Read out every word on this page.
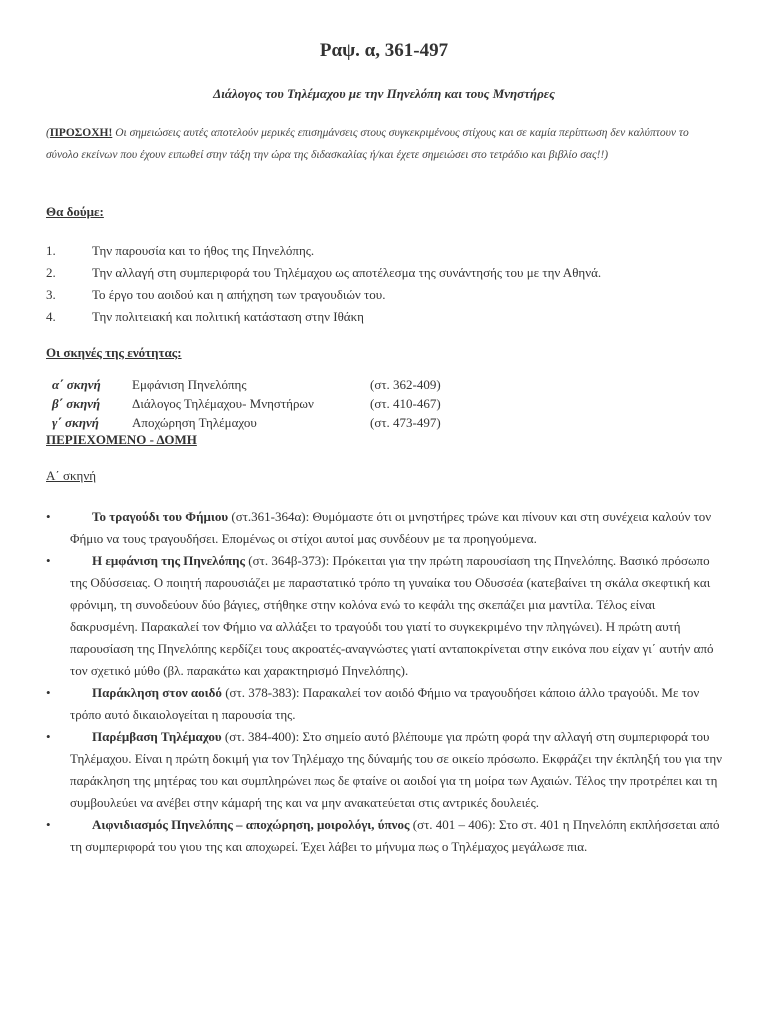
Ραψ. α, 361-497
Διάλογος του Τηλέμαχου με την Πηνελόπη και τους Μνηστήρες
(ΠΡΟΣΟΧΗ! Οι σημειώσεις αυτές αποτελούν μερικές επισημάνσεις στους συγκεκριμένους στίχους και σε καμία περίπτωση δεν καλύπτουν το σύνολο εκείνων που έχουν ειπωθεί στην τάξη την ώρα της διδασκαλίας ή/και έχετε σημειώσει στο τετράδιο και βιβλίο σας!!)
Θα δούμε:
1.	Την παρουσία και το ήθος της Πηνελόπης.
2.	Την αλλαγή στη συμπεριφορά του Τηλέμαχου ως αποτέλεσμα της συνάντησής του με την Αθηνά.
3.	Το έργο του αοιδού και η απήχηση των τραγουδιών του.
4.	Την πολιτειακή και πολιτική κατάσταση στην Ιθάκη
Οι σκηνές της ενότητας:
α΄ σκηνή	Εμφάνιση Πηνελόπης	(στ. 362-409)
β΄ σκηνή	Διάλογος Τηλέμαχου- Μνηστήρων	(στ. 410-467)
γ΄ σκηνή	Αποχώρηση Τηλέμαχου	(στ. 473-497)
ΠΕΡΙΕΧΟΜΕΝΟ - ΔΟΜΗ
Α΄ σκηνή
•	Το τραγούδι του Φήμιου (στ.361-364α): Θυμόμαστε ότι οι μνηστήρες τρώνε και πίνουν και στη συνέχεια καλούν τον Φήμιο να τους τραγουδήσει. Επομένως οι στίχοι αυτοί μας συνδέουν με τα προηγούμενα.
•	Η εμφάνιση της Πηνελόπης (στ. 364β-373): Πρόκειται για την πρώτη παρουσίαση της Πηνελόπης. Βασικό πρόσωπο της Οδύσσειας. Ο ποιητή παρουσιάζει με παραστατικό τρόπο τη γυναίκα του Οδυσσέα (κατεβαίνει τη σκάλα σκεφτική και φρόνιμη, τη συνοδεύουν δύο βάγιες, στήθηκε στην κολόνα ενώ το κεφάλι της σκεπάζει μια μαντίλα. Τέλος είναι δακρυσμένη. Παρακαλεί τον Φήμιο να αλλάξει το τραγούδι του γιατί το συγκεκριμένο την πληγώνει). Η πρώτη αυτή παρουσίαση της Πηνελόπης κερδίζει τους ακροατές-αναγνώστες γιατί ανταποκρίνεται στην εικόνα που είχαν γι΄ αυτήν από τον σχετικό μύθο (βλ. παρακάτω και χαρακτηρισμό Πηνελόπης).
•	Παράκληση στον αοιδό (στ. 378-383): Παρακαλεί τον αοιδό Φήμιο να τραγουδήσει κάποιο άλλο τραγούδι. Με τον τρόπο αυτό δικαιολογείται η παρουσία της.
•	Παρέμβαση Τηλέμαχου (στ. 384-400): Στο σημείο αυτό βλέπουμε για πρώτη φορά την αλλαγή στη συμπεριφορά του Τηλέμαχου. Είναι η πρώτη δοκιμή για τον Τηλέμαχο της δύναμής του σε οικείο πρόσωπο. Εκφράζει την έκπληξή του για την παράκληση της μητέρας του και συμπληρώνει πως δε φταίνε οι αοιδοί για τη μοίρα των Αχαιών. Τέλος την προτρέπει και τη συμβουλεύει να ανέβει στην κάμαρή της και να μην ανακατεύεται στις αντρικές δουλειές.
•	Αιφνιδιασμός Πηνελόπης – αποχώρηση, μοιρολόγι, ύπνος (στ. 401 – 406): Στο στ. 401 η Πηνελόπη εκπλήσσεται από τη συμπεριφορά του γιου της και αποχωρεί. Έχει λάβει το μήνυμα πως ο Τηλέμαχος μεγάλωσε πια.
